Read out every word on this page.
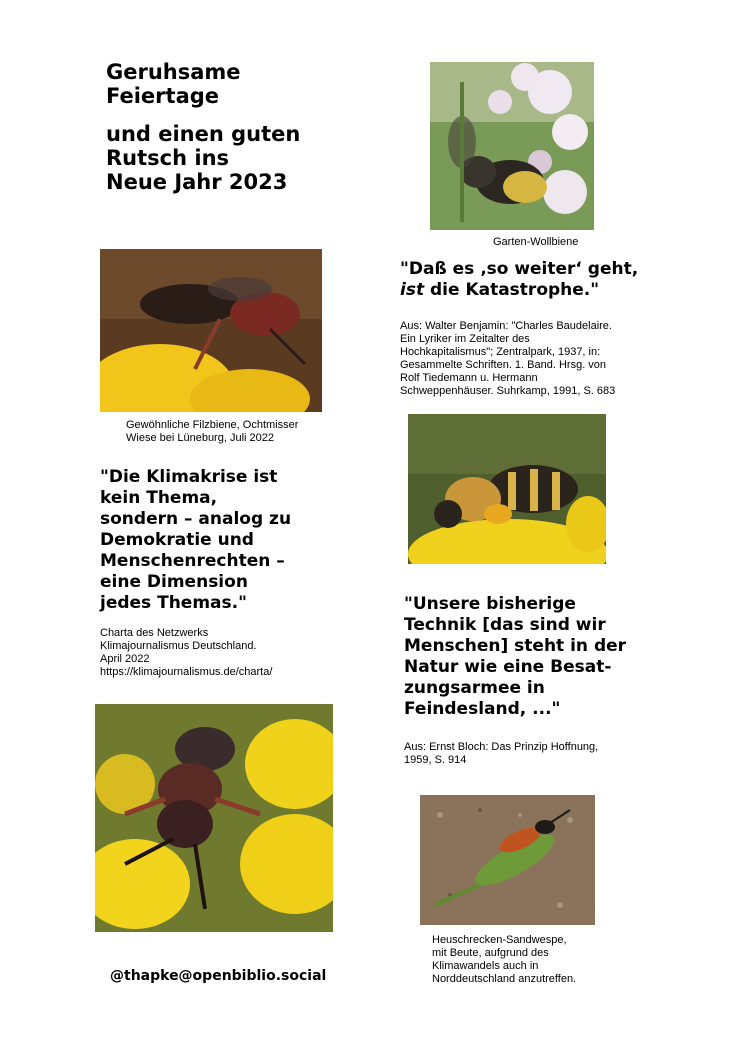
Geruhsame
Feiertage

und einen guten
Rutsch ins
Neue Jahr 2023

Garten-Wollbiene

Gewöhnliche Filzbiene, Ochtmisser
Wiese bei Lüneburg, Juli 2022

"Daß es ‚so weiter‘ geht,
ist die Katastrophe."

Aus: Walter Benjamin: "Charles Baudelaire.
Ein Lyriker im Zeitalter des
Hochkapitalismus"; Zentralpark, 1937, in:
Gesammelte Schriften. 1. Band. Hrsg. von
Rolf Tiedemann u. Hermann
Schweppenhäuser. Suhrkamp, 1991, S. 683

"Die Klimakrise ist
kein Thema,
sondern – analog zu
Demokratie und
Menschenrechten –
eine Dimension
jedes Themas."

Charta des Netzwerks
Klimajournalismus Deutschland.
April 2022
https://klimajournalismus.de/charta/

"Unsere bisherige
Technik [das sind wir
Menschen] steht in der
Natur wie eine Besat-
zungsarmee in
Feindesland, ..."

Aus: Ernst Bloch: Das Prinzip Hoffnung,
1959, S. 914

Heuschrecken-Sandwespe,
mit Beute, aufgrund des
Klimawandels auch in
Norddeutschland anzutreffen.

@thapke@openbiblio.social
